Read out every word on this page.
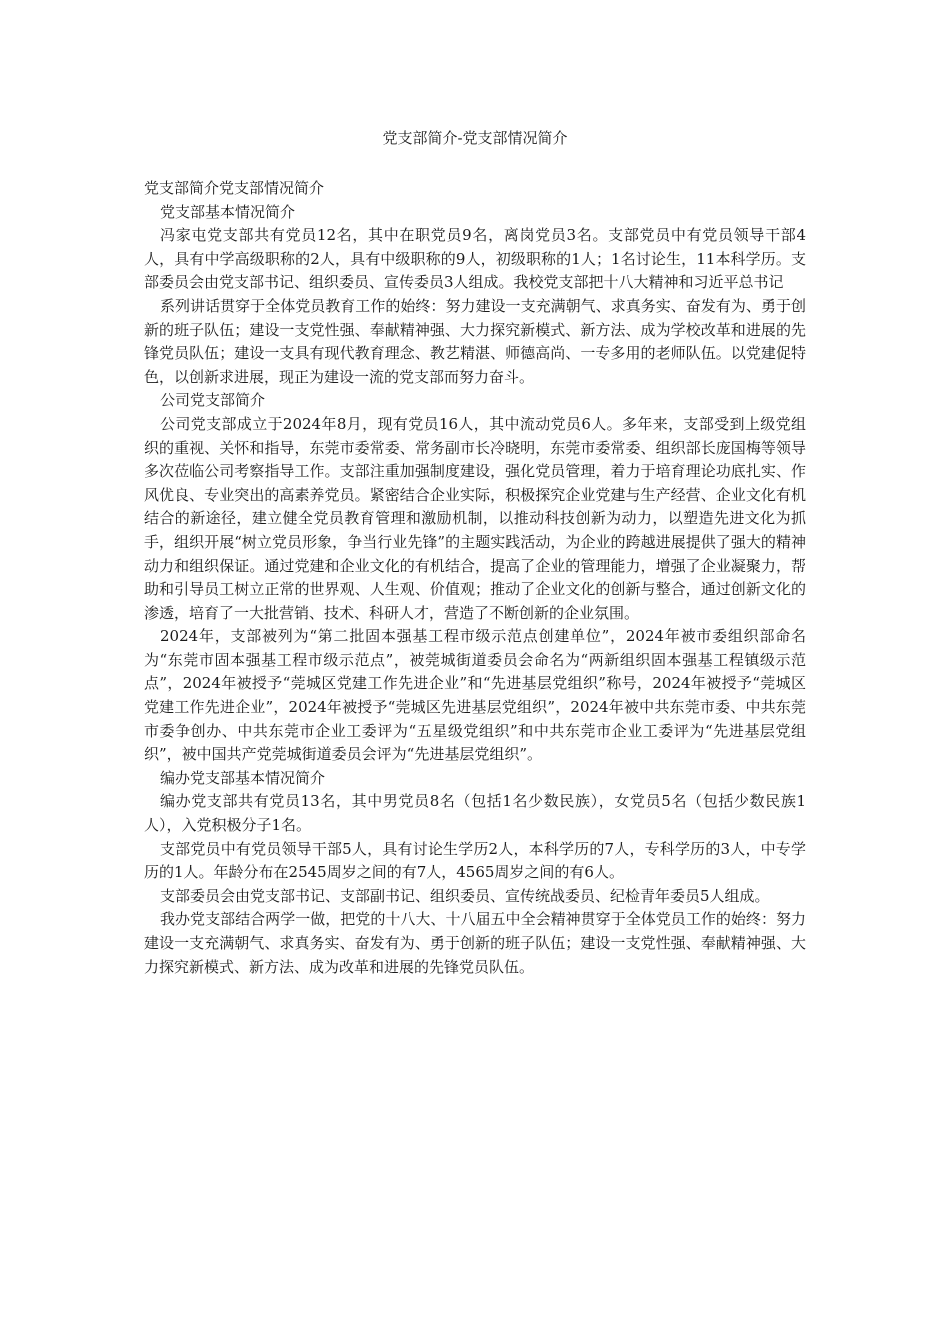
党支部简介-党支部情况简介

党支部简介党支部情况简介

党支部基本情况简介

冯家屯党支部共有党员12名，其中在职党员9名，离岗党员3名。支部党员中有党员领导干部4人，具有中学高级职称的2人，具有中级职称的9人，初级职称的1人；1名讨论生，11本科学历。支部委员会由党支部书记、组织委员、宣传委员3人组成。我校党支部把十八大精神和习近平总书记

系列讲话贯穿于全体党员教育工作的始终：努力建设一支充满朝气、求真务实、奋发有为、勇于创新的班子队伍；建设一支党性强、奉献精神强、大力探究新模式、新方法、成为学校改革和进展的先锋党员队伍；建设一支具有现代教育理念、教艺精湛、师德高尚、一专多用的老师队伍。以党建促特色，以创新求进展，现正为建设一流的党支部而努力奋斗。

公司党支部简介

公司党支部成立于2024年8月，现有党员16人，其中流动党员6人。多年来，支部受到上级党组织的重视、关怀和指导，东莞市委常委、常务副市长冷晓明，东莞市委常委、组织部长庞国梅等领导多次莅临公司考察指导工作。支部注重加强制度建设，强化党员管理，着力于培育理论功底扎实、作风优良、专业突出的高素养党员。紧密结合企业实际，积极探究企业党建与生产经营、企业文化有机结合的新途径，建立健全党员教育管理和激励机制，以推动科技创新为动力，以塑造先进文化为抓手，组织开展“树立党员形象，争当行业先锋”的主题实践活动，为企业的跨越进展提供了强大的精神动力和组织保证。通过党建和企业文化的有机结合，提高了企业的管理能力，增强了企业凝聚力，帮助和引导员工树立正常的世界观、人生观、价值观；推动了企业文化的创新与整合，通过创新文化的渗透，培育了一大批营销、技术、科研人才，营造了不断创新的企业氛围。

2024年，支部被列为“第二批固本强基工程市级示范点创建单位”，2024年被市委组织部命名为“东莞市固本强基工程市级示范点”，被莞城街道委员会命名为“两新组织固本强基工程镇级示范点”，2024年被授予“莞城区党建工作先进企业”和“先进基层党组织”称号，2024年被授予“莞城区党建工作先进企业”，2024年被授予“莞城区先进基层党组织”，2024年被中共东莞市委、中共东莞市委争创办、中共东莞市企业工委评为“五星级党组织”和中共东莞市企业工委评为“先进基层党组织”，被中国共产党莞城街道委员会评为“先进基层党组织”。

编办党支部基本情况简介

编办党支部共有党员13名，其中男党员8名（包括1名少数民族），女党员5名（包括少数民族1人），入党积极分子1名。

支部党员中有党员领导干部5人，具有讨论生学历2人，本科学历的7人，专科学历的3人，中专学历的1人。年龄分布在2545周岁之间的有7人，4565周岁之间的有6人。

支部委员会由党支部书记、支部副书记、组织委员、宣传统战委员、纪检青年委员5人组成。

我办党支部结合两学一做，把党的十八大、十八届五中全会精神贯穿于全体党员工作的始终：努力建设一支充满朝气、求真务实、奋发有为、勇于创新的班子队伍；建设一支党性强、奉献精神强、大力探究新模式、新方法、成为改革和进展的先锋党员队伍。
